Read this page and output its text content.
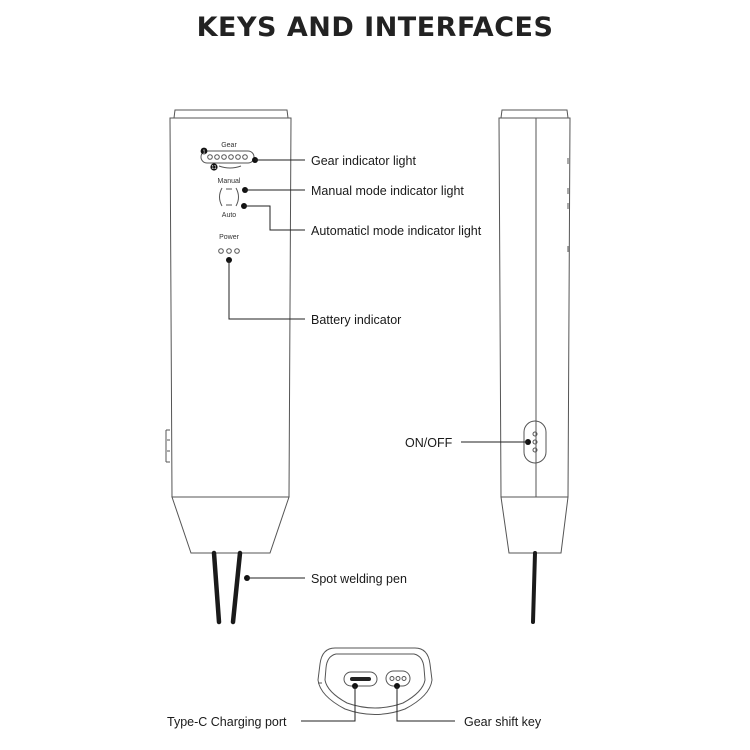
KEYS AND INTERFACES
Gear
1
11
Manual
Auto
Power
Gear indicator light
Manual mode indicator light
Automaticl mode indicator light
Battery indicator
Spot welding pen
ON/OFF
Type-C Charging port	Gear shift key
